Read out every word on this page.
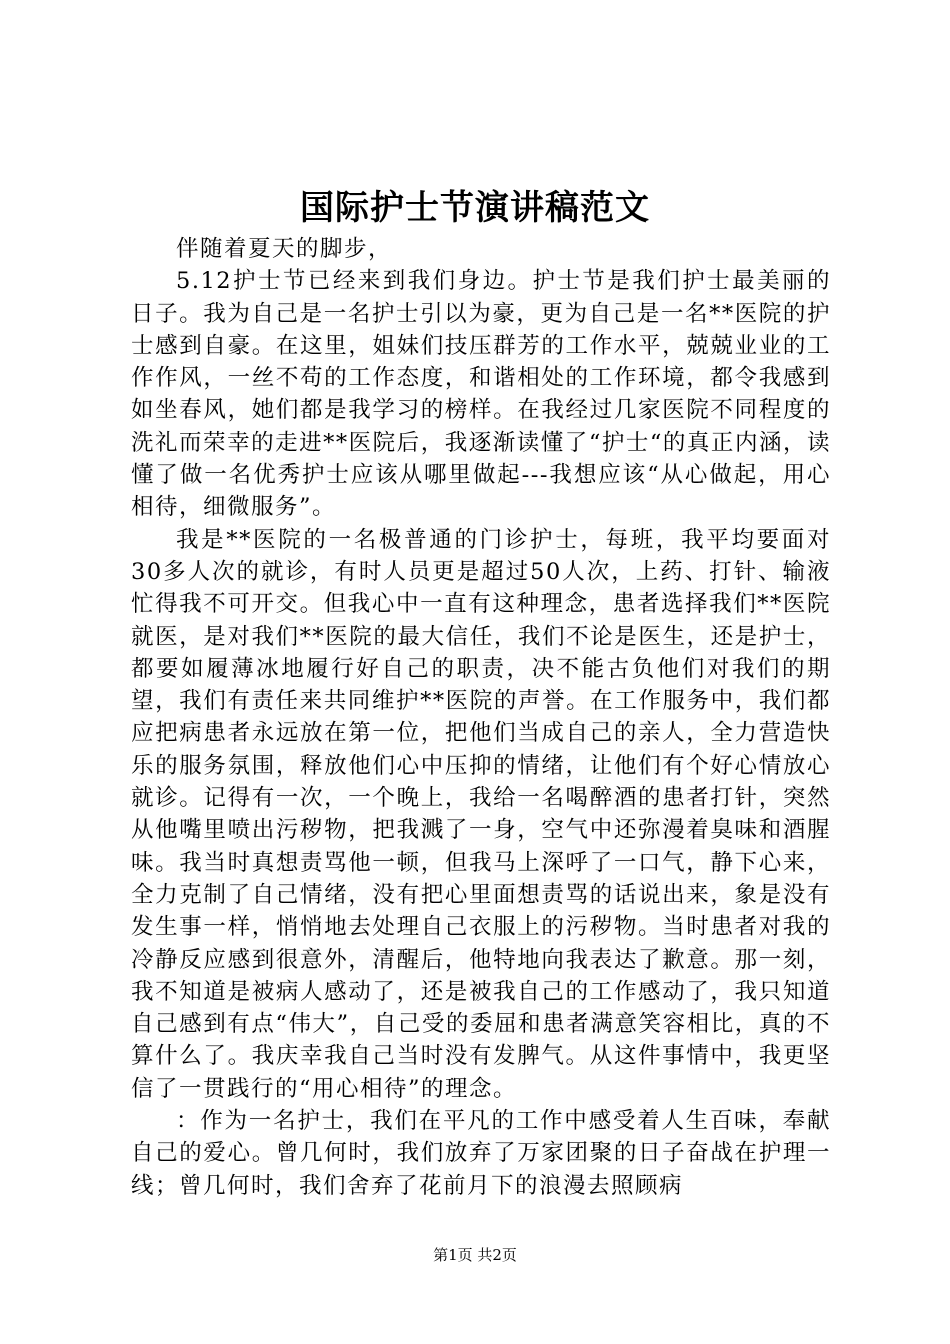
国际护士节演讲稿范文

伴随着夏天的脚步，

5.12护士节已经来到我们身边。护士节是我们护士最美丽的日子。我为自己是一名护士引以为豪，更为自己是一名**医院的护士感到自豪。在这里，姐妹们技压群芳的工作水平，兢兢业业的工作作风，一丝不苟的工作态度，和谐相处的工作环境，都令我感到如坐春风，她们都是我学习的榜样。在我经过几家医院不同程度的洗礼而荣幸的走进**医院后，我逐渐读懂了“护士“的真正内涵，读懂了做一名优秀护士应该从哪里做起---我想应该“从心做起，用心相待，细微服务”。

我是**医院的一名极普通的门诊护士，每班，我平均要面对30多人次的就诊，有时人员更是超过50人次，上药、打针、输液忙得我不可开交。但我心中一直有这种理念，患者选择我们**医院就医，是对我们**医院的最大信任，我们不论是医生，还是护士，都要如履薄冰地履行好自己的职责，决不能古负他们对我们的期望，我们有责任来共同维护**医院的声誉。在工作服务中，我们都应把病患者永远放在第一位，把他们当成自己的亲人，全力营造快乐的服务氛围，释放他们心中压抑的情绪，让他们有个好心情放心就诊。记得有一次，一个晚上，我给一名喝醉酒的患者打针，突然从他嘴里喷出污秽物，把我溅了一身，空气中还弥漫着臭味和酒腥味。我当时真想责骂他一顿，但我马上深呼了一口气，静下心来，全力克制了自己情绪，没有把心里面想责骂的话说出来，象是没有发生事一样，悄悄地去处理自己衣服上的污秽物。当时患者对我的冷静反应感到很意外，清醒后，他特地向我表达了歉意。那一刻，我不知道是被病人感动了，还是被我自己的工作感动了，我只知道自己感到有点“伟大”，自己受的委屈和患者满意笑容相比，真的不算什么了。我庆幸我自己当时没有发脾气。从这件事情中，我更坚信了一贯践行的“用心相待”的理念。

：作为一名护士，我们在平凡的工作中感受着人生百味，奉献自己的爱心。曾几何时，我们放弃了万家团聚的日子奋战在护理一线；曾几何时，我们舍弃了花前月下的浪漫去照顾病

第1页 共2页
